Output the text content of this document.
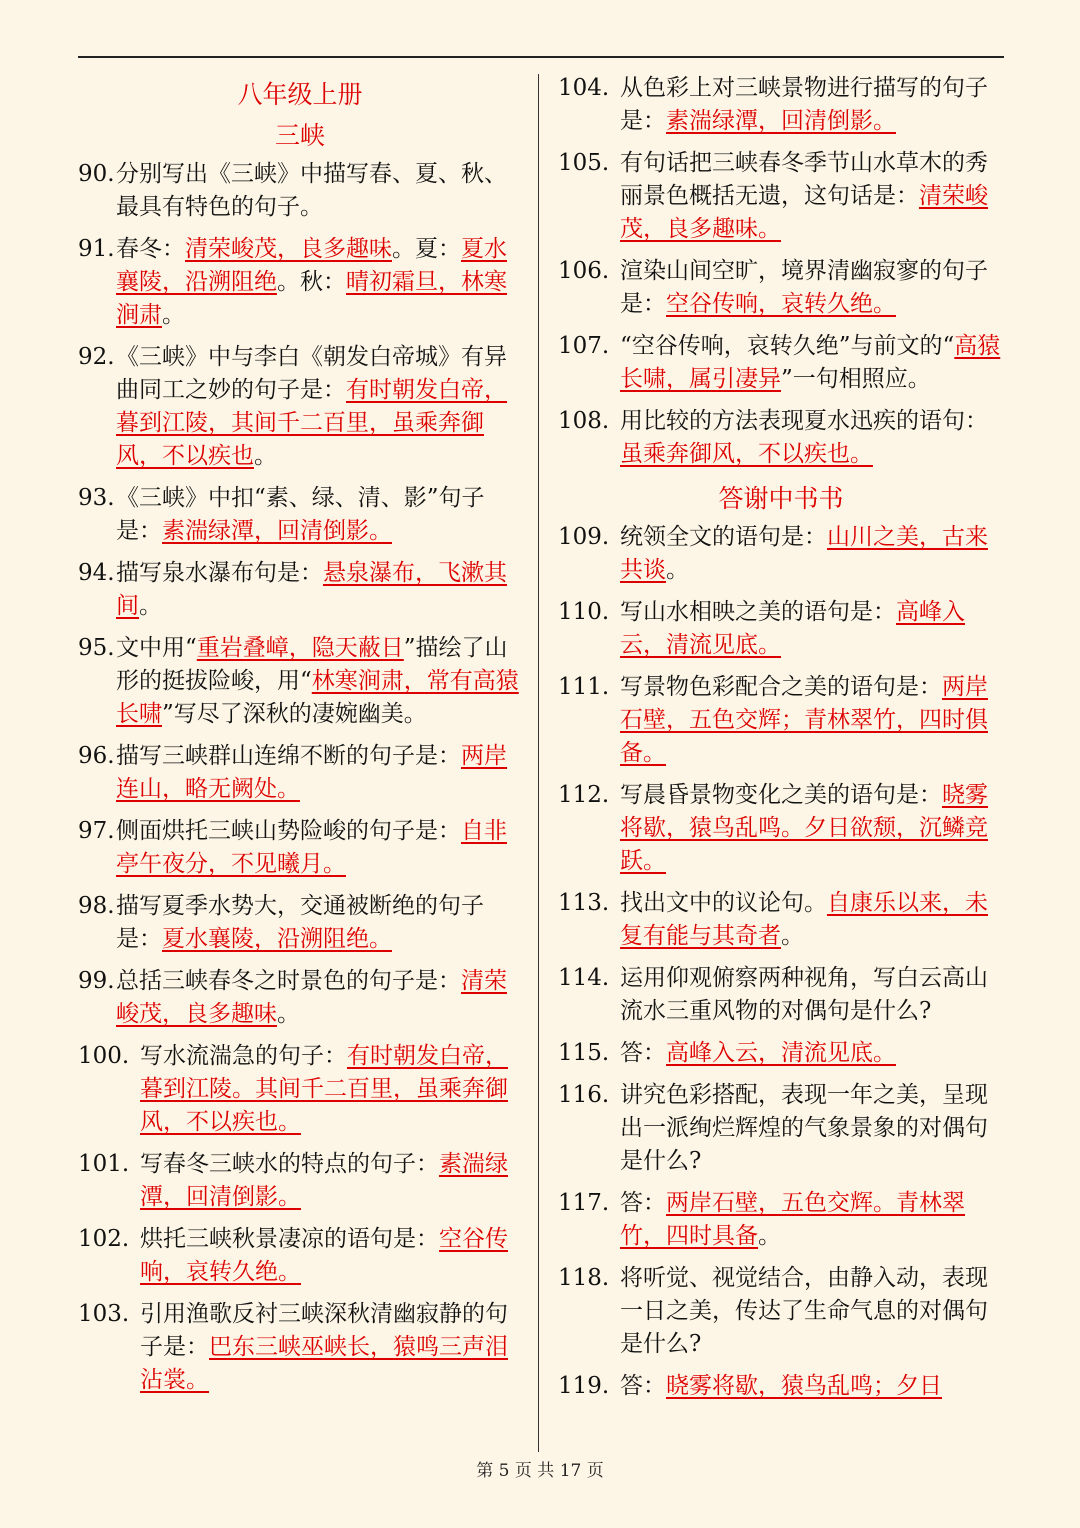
八年级上册
三峡
90. 分别写出《三峡》中描写春、夏、秋、最具有特色的句子。
91. 春冬：清荣峻茂，良多趣味。夏：夏水襄陵，沿溯阻绝。秋：晴初霜旦，林寒涧肃。
92. 《三峡》中与李白《朝发白帝城》有异曲同工之妙的句子是：有时朝发白帝，暮到江陵，其间千二百里，虽乘奔御风，不以疾也。
93. 《三峡》中扣“素、绿、清、影”句子是：素湍绿潭，回清倒影。
94. 描写泉水瀑布句是：悬泉瀑布，飞漱其间。
95. 文中用“重岩叠嶂，隐天蔽日”描绘了山形的挺拔险峻，用“林寒涧肃，常有高猿长啸”写尽了深秋的凄婉幽美。
96. 描写三峡群山连绵不断的句子是：两岸连山，略无阙处。
97. 侧面烘托三峡山势险峻的句子是：自非亭午夜分，不见曦月。
98. 描写夏季水势大，交通被断绝的句子是：夏水襄陵，沿溯阻绝。
99. 总括三峡春冬之时景色的句子是：清荣峻茂，良多趣味。
100. 写水流湍急的句子：有时朝发白帝，暮到江陵。其间千二百里，虽乘奔御风，不以疾也。
101. 写春冬三峡水的特点的句子：素湍绿潭，回清倒影。
102. 烘托三峡秋景凄凉的语句是：空谷传响，哀转久绝。
103. 引用渔歌反衬三峡深秋清幽寂静的句子是：巴东三峡巫峡长，猿鸣三声泪沾裳。
104. 从色彩上对三峡景物进行描写的句子是：素湍绿潭，回清倒影。
105. 有句话把三峡春冬季节山水草木的秀丽景色概括无遗，这句话是：清荣峻茂，良多趣味。
106. 渲染山间空旷，境界清幽寂寥的句子是：空谷传响，哀转久绝。
107. “空谷传响，哀转久绝”与前文的“高猿长啸，属引凄异”一句相照应。
108. 用比较的方法表现夏水迅疾的语句：虽乘奔御风，不以疾也。
答谢中书书
109. 统领全文的语句是：山川之美，古来共谈。
110. 写山水相映之美的语句是：高峰入云，清流见底。
111. 写景物色彩配合之美的语句是：两岸石壁，五色交辉；青林翠竹，四时俱备。
112. 写晨昏景物变化之美的语句是：晓雾将歇，猿鸟乱鸣。夕日欲颓，沉鳞竞跃。
113. 找出文中的议论句。自康乐以来，未复有能与其奇者。
114. 运用仰观俯察两种视角，写白云高山流水三重风物的对偶句是什么?
115. 答：高峰入云，清流见底。
116. 讲究色彩搭配，表现一年之美，呈现出一派绚烂辉煌的气象景象的对偶句是什么?
117. 答：两岸石壁，五色交辉。青林翠竹，四时具备。
118. 将听觉、视觉结合，由静入动，表现一日之美，传达了生命气息的对偶句是什么?
119. 答：晓雾将歇，猿鸟乱鸣；夕日
第 5 页 共 17 页
